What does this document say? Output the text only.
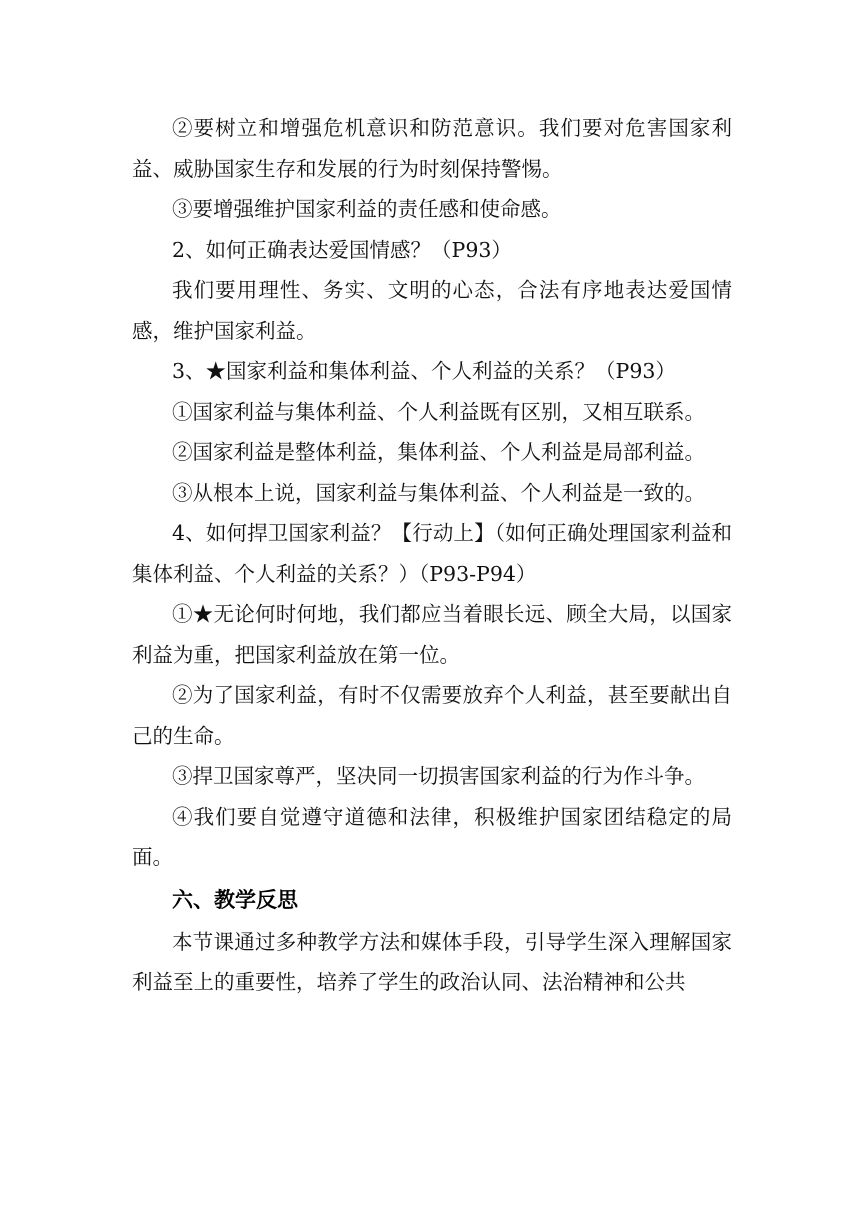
②要树立和增强危机意识和防范意识。我们要对危害国家利益、威胁国家生存和发展的行为时刻保持警惕。

③要增强维护国家利益的责任感和使命感。

2、如何正确表达爱国情感？（P93）

我们要用理性、务实、文明的心态，合法有序地表达爱国情感，维护国家利益。

3、★国家利益和集体利益、个人利益的关系？（P93）

①国家利益与集体利益、个人利益既有区别，又相互联系。

②国家利益是整体利益，集体利益、个人利益是局部利益。

③从根本上说，国家利益与集体利益、个人利益是一致的。

4、如何捍卫国家利益？【行动上】（如何正确处理国家利益和集体利益、个人利益的关系？）（P93-P94）

①★无论何时何地，我们都应当着眼长远、顾全大局，以国家利益为重，把国家利益放在第一位。

②为了国家利益，有时不仅需要放弃个人利益，甚至要献出自己的生命。

③捍卫国家尊严，坚决同一切损害国家利益的行为作斗争。

④我们要自觉遵守道德和法律，积极维护国家团结稳定的局面。

六、教学反思

本节课通过多种教学方法和媒体手段，引导学生深入理解国家利益至上的重要性，培养了学生的政治认同、法治精神和公共
